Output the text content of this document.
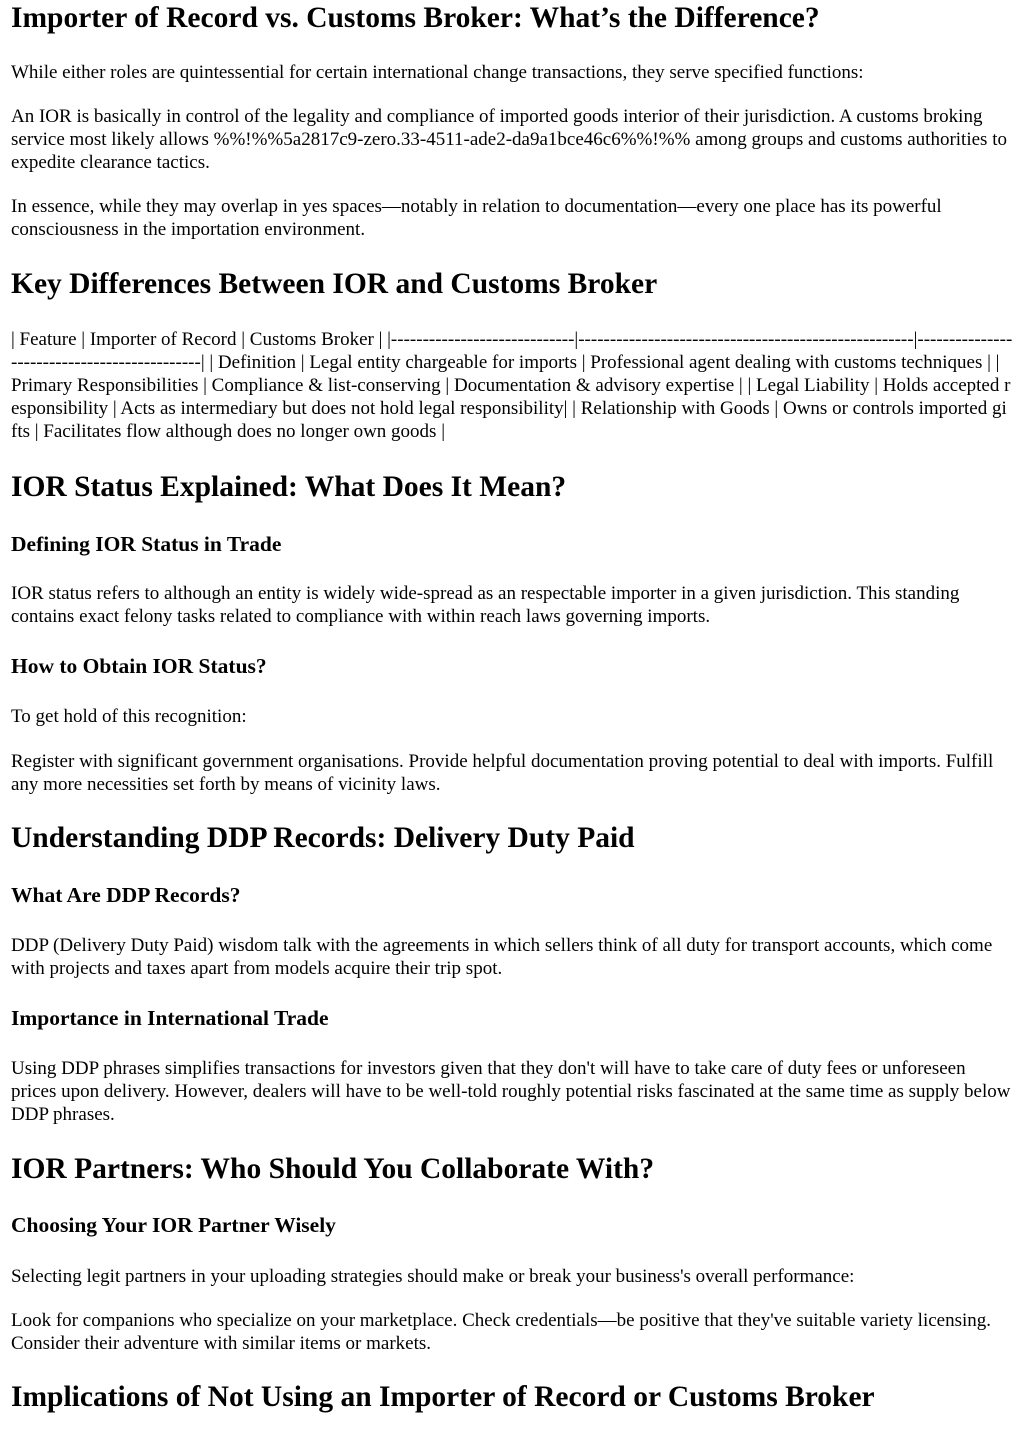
Importer of Record vs. Customs Broker: What’s the Difference?

While either roles are quintessential for certain international change transactions, they serve specified functions:

An IOR is basically in control of the legality and compliance of imported goods interior of their jurisdiction. A customs broking service most likely allows %%!%%5a2817c9-zero.33-4511-ade2-da9a1bce46c6%%!%% among groups and customs authorities to expedite clearance tactics.

In essence, while they may overlap in yes spaces—notably in relation to documentation—every one place has its powerful consciousness in the importation environment.

Key Differences Between IOR and Customs Broker

| Feature | Importer of Record | Customs Broker | |-----------------------------|-----------------------------------------------------|---------------------------------------------| | Definition | Legal entity chargeable for imports | Professional agent dealing with customs techniques | | Primary Responsibilities | Compliance & list-conserving | Documentation & advisory expertise | | Legal Liability | Holds accepted responsibility | Acts as intermediary but does not hold legal responsibility| | Relationship with Goods | Owns or controls imported gifts | Facilitates flow although does no longer own goods |

IOR Status Explained: What Does It Mean?
Defining IOR Status in Trade

IOR status refers to although an entity is widely wide-spread as an respectable importer in a given jurisdiction. This standing contains exact felony tasks related to compliance with within reach laws governing imports.

How to Obtain IOR Status?

To get hold of this recognition:

Register with significant government organisations. Provide helpful documentation proving potential to deal with imports. Fulfill any more necessities set forth by means of vicinity laws.

Understanding DDP Records: Delivery Duty Paid
What Are DDP Records?

DDP (Delivery Duty Paid) wisdom talk with the agreements in which sellers think of all duty for transport accounts, which come with projects and taxes apart from models acquire their trip spot.

Importance in International Trade

Using DDP phrases simplifies transactions for investors given that they don't will have to take care of duty fees or unforeseen prices upon delivery. However, dealers will have to be well-told roughly potential risks fascinated at the same time as supply below DDP phrases.

IOR Partners: Who Should You Collaborate With?
Choosing Your IOR Partner Wisely

Selecting legit partners in your uploading strategies should make or break your business's overall performance:

Look for companions who specialize on your marketplace. Check credentials—be positive that they've suitable variety licensing. Consider their adventure with similar items or markets.

Implications of Not Using an Importer of Record or Customs Broker
